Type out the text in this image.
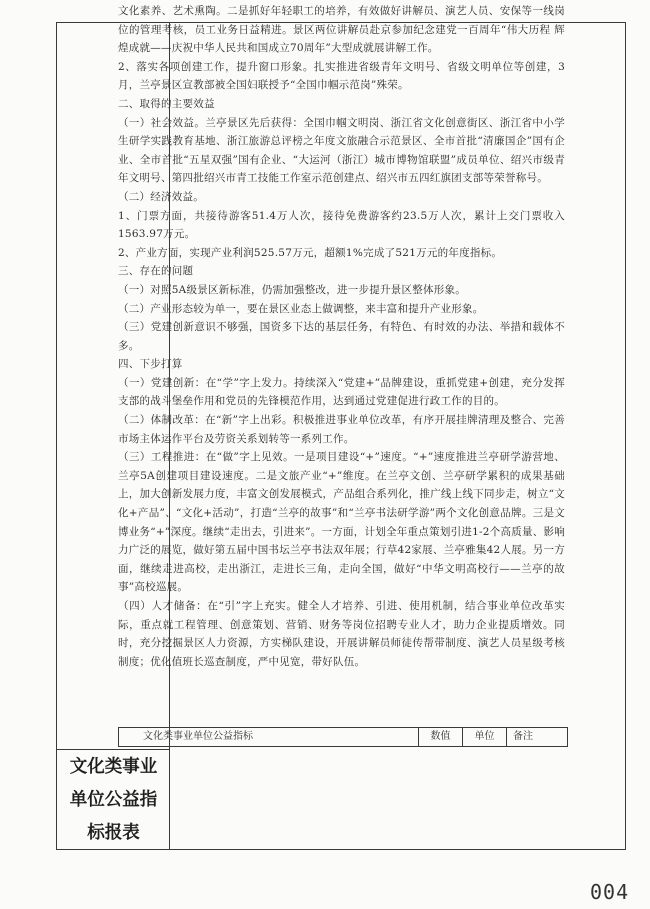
文化类事业单位公益指标报表

文化素养、艺术熏陶。二是抓好年轻职工的培养，有效做好讲解员、演艺人员、安保等一线岗位的管理考核，员工业务日益精进。景区两位讲解员赴京参加纪念建党一百周年“伟大历程 辉煌成就——庆祝中华人民共和国成立70周年”大型成就展讲解工作。

2、落实各项创建工作，提升窗口形象。扎实推进省级青年文明号、省级文明单位等创建，3月，兰亭景区宣教部被全国妇联授予“全国巾帼示范岗”殊荣。

二、取得的主要效益

（一）社会效益。兰亭景区先后获得：全国巾帼文明岗、浙江省文化创意街区、浙江省中小学生研学实践教育基地、浙江旅游总评榜之年度文旅融合示范景区、全市首批“清廉国企”国有企业、全市首批“五星双强”国有企业、“大运河（浙江）城市博物馆联盟”成员单位、绍兴市级青年文明号、第四批绍兴市青工技能工作室示范创建点、绍兴市五四红旗团支部等荣誉称号。

（二）经济效益。

1、门票方面，共接待游客51.4万人次，接待免费游客约23.5万人次，累计上交门票收入1563.97万元。

2、产业方面，实现产业利润525.57万元，超额1%完成了521万元的年度指标。

三、存在的问题

（一）对照5A级景区新标准，仍需加强整改，进一步提升景区整体形象。

（二）产业形态较为单一，要在景区业态上做调整，来丰富和提升产业形象。

（三）党建创新意识不够强，国资多下达的基层任务，有特色、有时效的办法、举措和载体不多。

四、下步打算

（一）党建创新：在“学”字上发力。持续深入“党建+”品牌建设，重抓党建+创建，充分发挥支部的战斗堡垒作用和党员的先锋模范作用，达到通过党建促进行政工作的目的。

（二）体制改革：在“新”字上出彩。积极推进事业单位改革，有序开展挂牌清理及整合、完善市场主体运作平台及劳资关系划转等一系列工作。

（三）工程推进：在“做”字上见效。一是项目建设“+”速度。“+”速度推进兰亭研学游营地、兰亭5A创建项目建设速度。二是文旅产业“+”维度。在兰亭文创、兰亭研学累积的成果基础上，加大创新发展力度，丰富文创发展模式，产品组合系列化，推广线上线下同步走，树立“文化+产品”、“文化+活动”，打造“兰亭的故事”和“兰亭书法研学游”两个文化创意品牌。三是文博业务“+”深度。继续“走出去，引进来”。一方面，计划全年重点策划引进1-2个高质量、影响力广泛的展览，做好第五届中国书坛兰亭书法双年展；行草42家展、兰亭雅集42人展。另一方面，继续走进高校，走出浙江，走进长三角，走向全国，做好“中华文明高校行——兰亭的故事”高校巡展。

（四）人才储备：在“引”字上充实。健全人才培养、引进、使用机制，结合事业单位改革实际，重点就工程管理、创意策划、营销、财务等岗位招聘专业人才，助力企业提质增效。同时，充分挖掘景区人力资源，方实梯队建设，开展讲解员师徒传帮带制度、演艺人员星级考核制度；优化值班长巡查制度，严中见宽，带好队伍。

文化类事业单位公益指标	数值	单位	备注
004
